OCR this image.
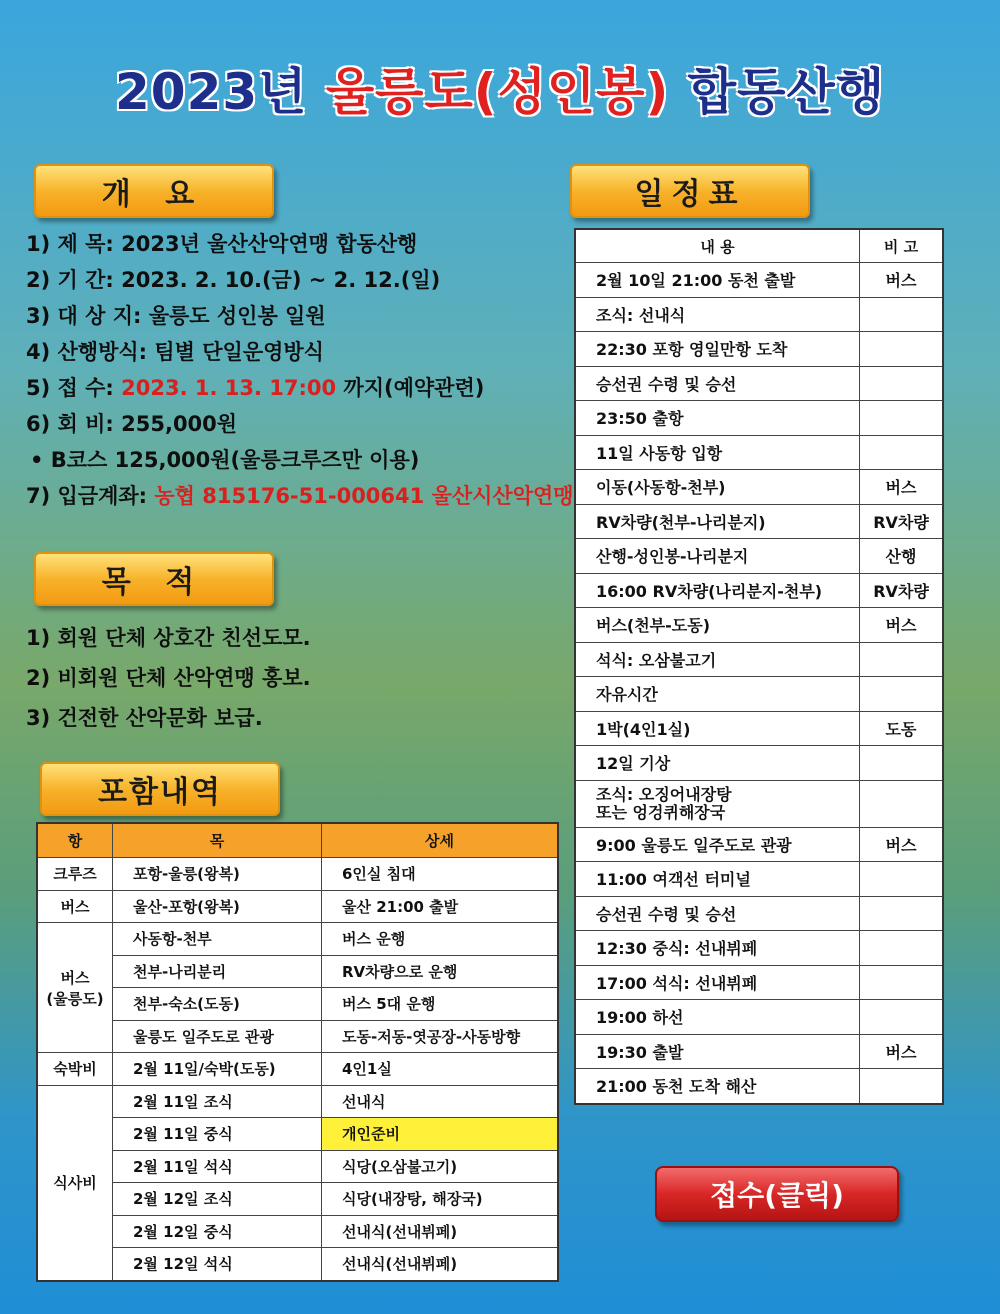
2023년 울릉도(성인봉) 합동산행
개 요
1) 제 목: 2023년 울산산악연맹 합동산행
2) 기 간: 2023. 2. 10.(금) ~ 2. 12.(일)
3) 대 상 지: 울릉도 성인봉 일원
4) 산행방식: 팀별 단일운영방식
5) 접 수: 2023. 1. 13. 17:00 까지(예약관련)
6) 회 비: 255,000원
• B코스 125,000원(울릉크루즈만 이용)
7) 입금계좌: 농협 815176-51-000641 울산시산악연맹
목 적
1) 회원 단체 상호간 친선도모.
2) 비회원 단체 산악연맹 홍보.
3) 건전한 산악문화 보급.
포함내역
항	목	상세
크루즈	포항-울릉(왕복)	6인실 침대
버스	울산-포항(왕복)	울산 21:00 출발

버스
(울릉도)	사동항-천부	버스 운행
	천부-나리분리	RV차량으로 운행
	천부-숙소(도동)	버스 5대 운행
	울릉도 일주도로 관광	도동-저동-엿공장-사동방향
숙박비	2월 11일/숙박(도동)	4인1실
식사비	2월 11일 조식	선내식
	2월 11일 중식	개인준비
	2월 11일 석식	식당(오삼불고기)
	2월 12일 조식	식당(내장탕, 해장국)
	2월 12일 중식	선내식(선내뷔페)
	2월 12일 석식	선내식(선내뷔페)
일정표
내 용	비 고
2월 10일 21:00 동천 출발	버스
조식: 선내식	
22:30 포항 영일만항 도착	
승선권 수령 및 승선	
23:50 출항	
11일 사동항 입항	
이동(사동항-천부)	버스
RV차량(천부-나리분지)	RV차량
산행-성인봉-나리분지	산행
16:00 RV차량(나리분지-천부)	RV차량
버스(천부-도동)	버스
석식: 오삼불고기	
자유시간	
1박(4인1실)	도동
12일 기상	

조식: 오징어내장탕
또는 엉겅퀴해장국	

9:00 울릉도 일주도로 관광	버스
11:00 여객선 터미널	
승선권 수령 및 승선	
12:30 중식: 선내뷔페	
17:00 석식: 선내뷔페	
19:00 하선	
19:30 출발	버스
21:00 동천 도착 해산	
접수(클릭)
